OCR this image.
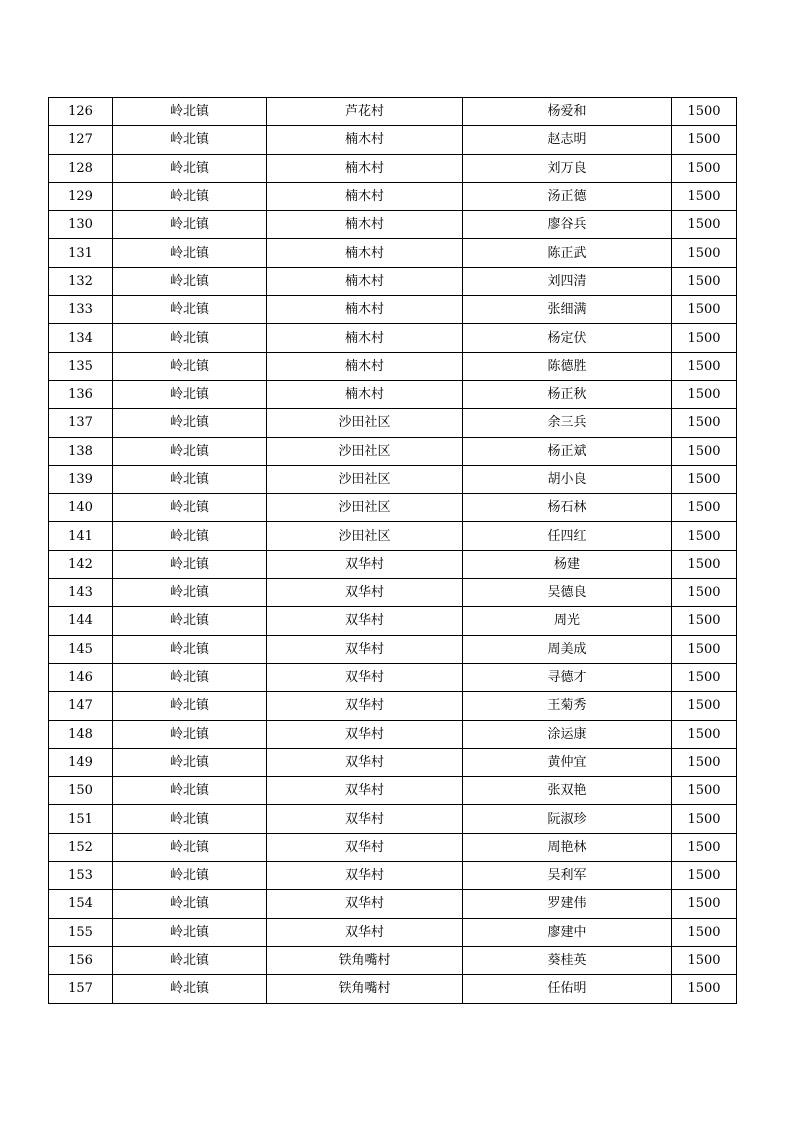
126	岭北镇	芦花村	杨爱和	1500
127	岭北镇	楠木村	赵志明	1500
128	岭北镇	楠木村	刘万良	1500
129	岭北镇	楠木村	汤正德	1500
130	岭北镇	楠木村	廖谷兵	1500
131	岭北镇	楠木村	陈正武	1500
132	岭北镇	楠木村	刘四清	1500
133	岭北镇	楠木村	张细满	1500
134	岭北镇	楠木村	杨定伏	1500
135	岭北镇	楠木村	陈德胜	1500
136	岭北镇	楠木村	杨正秋	1500
137	岭北镇	沙田社区	余三兵	1500
138	岭北镇	沙田社区	杨正斌	1500
139	岭北镇	沙田社区	胡小良	1500
140	岭北镇	沙田社区	杨石林	1500
141	岭北镇	沙田社区	任四红	1500
142	岭北镇	双华村	杨建	1500
143	岭北镇	双华村	吴德良	1500
144	岭北镇	双华村	周光	1500
145	岭北镇	双华村	周美成	1500
146	岭北镇	双华村	寻德才	1500
147	岭北镇	双华村	王菊秀	1500
148	岭北镇	双华村	涂运康	1500
149	岭北镇	双华村	黄仲宜	1500
150	岭北镇	双华村	张双艳	1500
151	岭北镇	双华村	阮淑珍	1500
152	岭北镇	双华村	周艳林	1500
153	岭北镇	双华村	吴利军	1500
154	岭北镇	双华村	罗建伟	1500
155	岭北镇	双华村	廖建中	1500
156	岭北镇	铁角嘴村	葵桂英	1500
157	岭北镇	铁角嘴村	任佑明	1500
